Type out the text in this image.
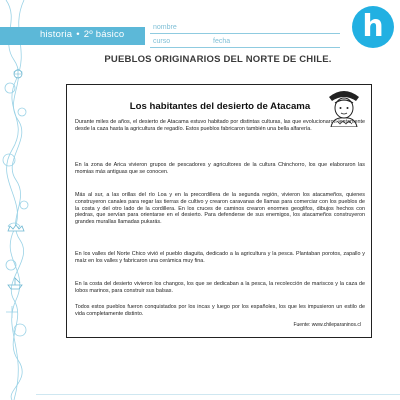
historia • 2º básico
nombre
curso	fecha	h
PUEBLOS ORIGINARIOS DEL NORTE DE CHILE.
Los habitantes del desierto de Atacama

Durante miles de años, el desierto de Atacama estuvo habitado por distintas culturas, las que evolucionaron lentamente desde la caza hasta la agricultura de regadío. Estos pueblos fabricaron también una bella alfarería.

En la zona de Arica vivieron grupos de pescadores y agricultores de la cultura Chinchorro, los que elaboraron las momias más antiguas que se conocen.

Más al sur, a las orillas del río Loa y en la precordillera de la segunda región, vivieron los atacameños, quienes construyeron canales para regar las tierras de cultivo y crearon caravanas de llamas para comerciar con los pueblos de la costa y del otro lado de la cordillera. En los cruces de caminos crearon enormes geoglifos, dibujos hechos con piedras, que servían para orientarse en el desierto. Para defenderse de sus enemigos, los atacameños construyeron grandes murallas llamadas pukarás.

En los valles del Norte Chico vivió el pueblo diaguita, dedicado a la agricultura y la pesca. Plantaban porotos, zapallo y maíz en los valles y fabricaron una cerámica muy fina.

En la costa del desierto vivieron los changos, los que se dedicaban a la pesca, la recolección de mariscos y la caza de lobos marinos, para construir sus balsas.

Todos estos pueblos fueron conquistados por los incas y luego por los españoles, los que les impusieron un estilo de vida completamente distinto.

Fuente: www.chileparaninos.cl
